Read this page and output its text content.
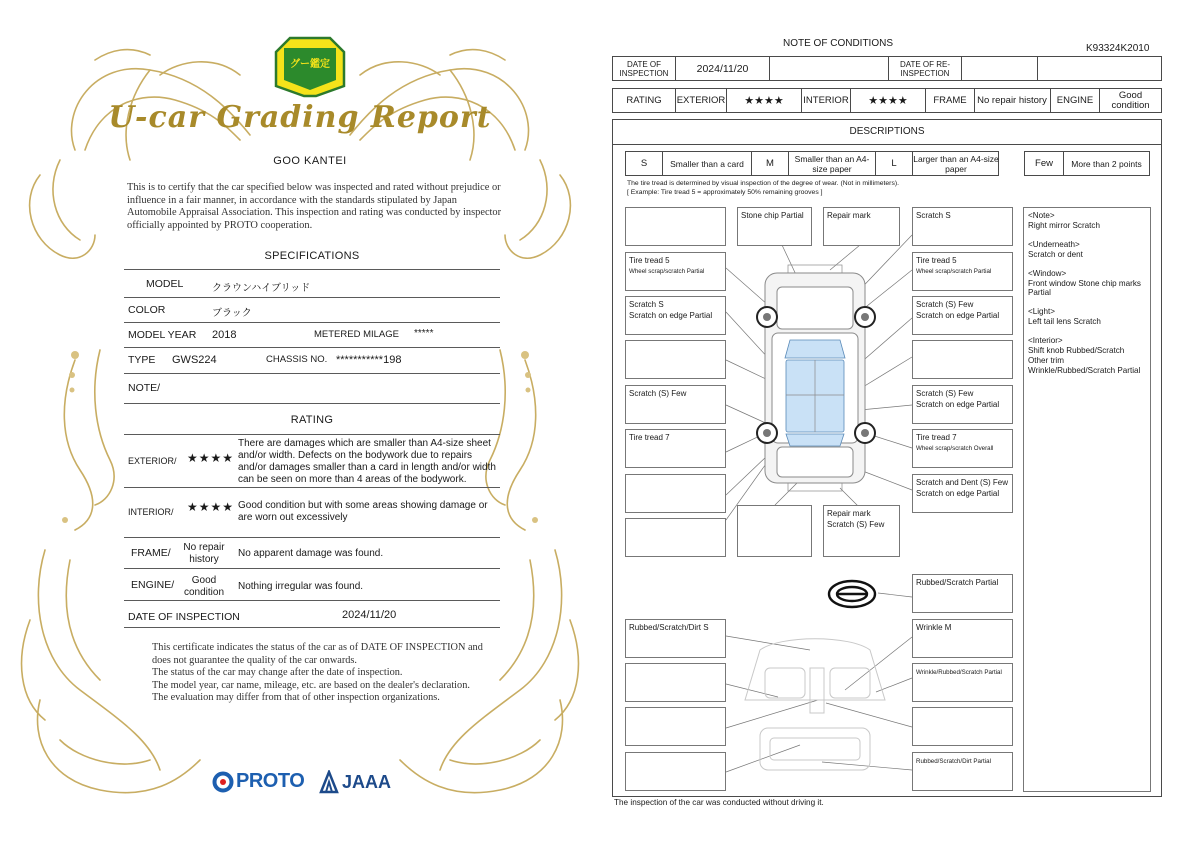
グー鑑定
U-car Grading Report
GOO KANTEI
This is to certify that the car specified below was inspected and rated without prejudice or influence in a fair manner, in accordance with the standards stipulated by Japan Automobile Appraisal Association. This inspection and rating was conducted by inspector officially appointed by PROTO cooperation.
SPECIFICATIONS
MODEL	クラウンハイブリッド
COLOR	ブラック
MODEL YEAR 2018	METERED MILAGE *****
TYPE GWS224	CHASSIS NO. ***********198
NOTE/
RATING
EXTERIOR/ ★★★★
There are damages which are smaller than A4-size sheet and/or width. Defects on the bodywork due to repairs and/or damages smaller than a card in length and/or width can be seen on more than 4 areas of the bodywork.
INTERIOR/ ★★★★ Good condition but with some areas showing damage or are worn out excessively
FRAME/	No repair history
No apparent damage was found.
ENGINE/	Good condition
Nothing irregular was found.
DATE OF INSPECTION	2024/11/20
This certificate indicates the status of the car as of DATE OF INSPECTION and does not guarantee the quality of the car onwards.
The status of the car may change after the date of inspection.
The model year, car name, mileage, etc. are based on the dealer's declaration.
The evaluation may differ from that of other inspection organizations.
PROTO JAAA
NOTE OF CONDITIONS	K93324K2010
DATE OF INSPECTION	2024/11/20	DATE OF RE-INSPECTION
RATING	EXTERIOR	★★★★	INTERIOR	★★★★	FRAME	No repair history	ENGINE	Good condition
DESCRIPTIONS
S	Smaller than a card	M	Smaller than an A4-size paper	L	Larger than an A4-size paper	Few	More than 2 points
The tire tread is determined by visual inspection of the degree of wear. (Not in millimeters).
[ Example: Tire tread 5 = approximately 50% remaining grooves ]
Stone chip Partial	Repair mark	Scratch S
Tire tread 5
Wheel scrap/scratch Partial
Scratch S
Scratch on edge Partial
Scratch (S) Few
Tire tread 7
Tire tread 5
Wheel scrap/scratch Partial
Scratch (S) Few
Scratch on edge Partial
Scratch (S) Few
Scratch on edge Partial
Tire tread 7
Wheel scrap/scratch Overall
Scratch and Dent (S) Few
Scratch on edge Partial
Repair mark
Scratch (S) Few
Rubbed/Scratch Partial
Rubbed/Scratch/Dirt S	Wrinkle M
Wrinkle/Rubbed/Scratch Partial
Rubbed/Scratch/Dirt Partial

<Note>
Right mirror Scratch

<Underneath>
Scratch or dent

<Window>
Front window Stone chip marks Partial

<Light>
Left tail lens Scratch

<Interior>
Shift knob Rubbed/Scratch
Other trim
Wrinkle/Rubbed/Scratch Partial

The inspection of the car was conducted without driving it.
